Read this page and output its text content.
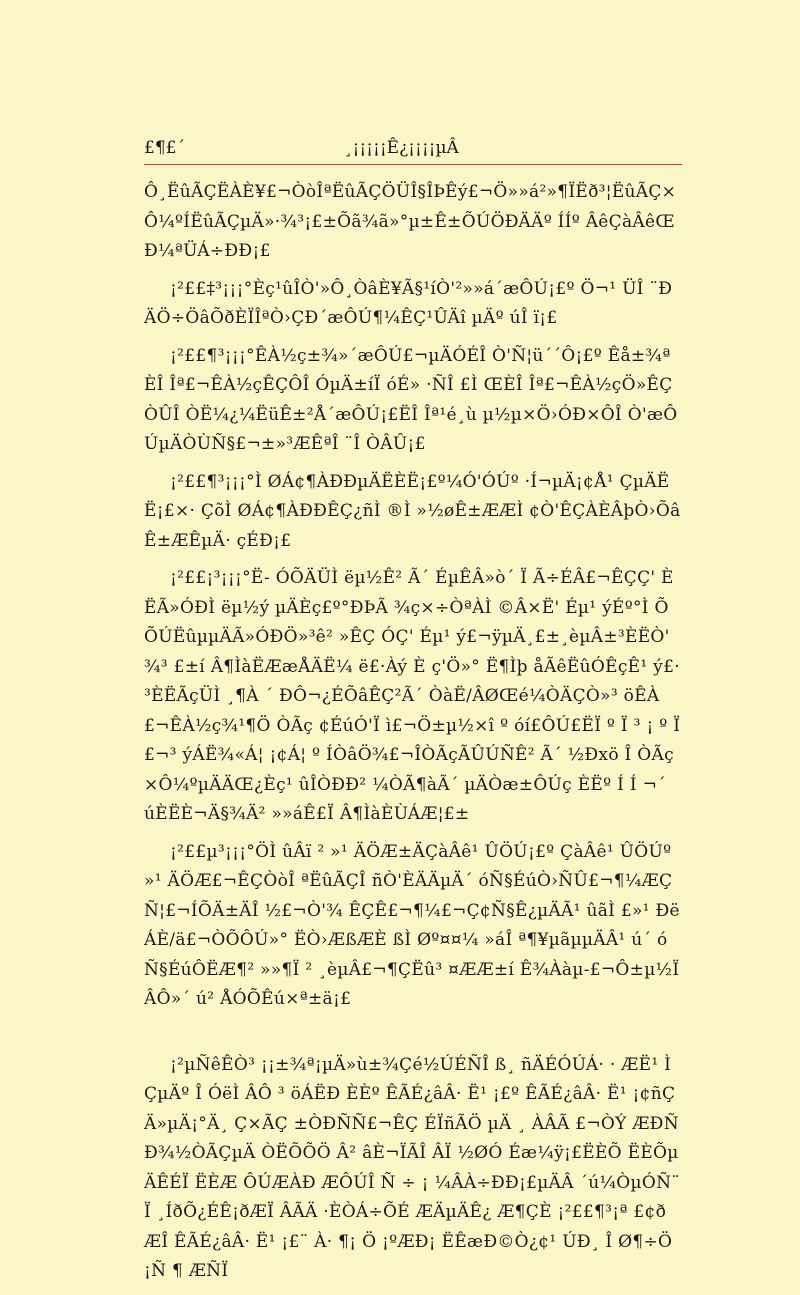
£¶£´	¸¡¡¡¡¡Ê¿¡¡¡¡µÂ

Ô¸ËûÃÇËÀÈ¥£¬ÒòÎªËûÃÇÖÜÎ§ÎÞÊý£¬Ö»»á²»¶ÏËð³¦ËûÃÇ×Ô¼ºÍËûÃÇµÄ»·¾³¡£±Õã¾ã»°µ±Ê±ÕÚÖÐÄÄº ÍÍº ÂêÇàÂêŒÐ¼ªÜÁ÷ÐÐ¡£

¡²££‡³¡¡¡°Èç¹ûÎÒ'»Ô¸ÒâÈ¥Ã§¹íÒ'²»»á´æÔÚ¡£º Ö¬¹ ÜÎ ¨ÐÄÖ÷ÖâÕðÈÏÎªÒ›ÇÐ´æÔÚ¶¼ÊÇ¹ÛÄî µÄº úÎ ï¡£

¡²££¶³¡¡¡°ÊÀ½ç±¾»´æÔÚ£¬µÄÓÉÎ Ò'Ñ¦ü´´Ô¡£º Êå±¾ªÈÎ Îª£¬ÊÀ½çÊÇÔÎ ÓµÄ±íÏ óÉ» ·ÑÎ £Ì ŒÈÎ Îª£¬ÊÀ½çÖ»ÊÇÒÛÎ ÒË¼¿¼ËüÊ±²Å´æÔÚ¡£ËÎ Îª¹é¸ù µ½µ×Ö›ÓÐ×ÔÎ Ò'æÔÚµÄÒÙÑ§£¬±»³ÆÊªÎ ¨Î ÒÂÛ¡£

¡²££¶³¡¡¡°Ì ØÁ¢¶ÀÐÐµÄËÈË¡£º¼Ó'ÓÚº ·Í¬µÄ¡¢Å¹ ÇµÄËË¡£×· ÇõÌ ØÁ¢¶ÀÐÐÊÇ¿ñÌ ®Ì »½øÊ±ÆÆÌ ¢Ò'ÊÇÀÈÂþÒ›ÕâÊ±ÆÊµÄ· çÉÐ¡£

¡²££¡³¡¡¡°Ë- ÓÕÄÜÌ ëµ½Ê² Ã´ ÉµÊÂ»ò´ Ï Ã÷ÉÂ£¬ÊÇÇ' ÈËÃ»ÓÐÌ ëµ½ý µÄÈç£º°ÐÞÃ ¾ç×÷ÒªÀÌ ©Â×Ë' Éµ¹ ýÉº°Ì ÕÕÚËûµµÄÃ»ÓÐÖ»³ê² »ÊÇ ÓÇ' Éµ¹ ý£¬ÿµÄ¸£±¸èµÂ±³ÈËÒ' ¾³ £±í Â¶ÌàËÆæÅÄË¼ ë£·Àý È ç'Ö»° Ë¶Ìþ åÃêËûÓÊçÊ¹ ý£·³ÈËÃçÜÌ ¸¶À ´ ÐÔ¬¿ÉÕâÊÇ²Ã´ ÒàË/ÂØŒé¼ÒÄÇÒ»³ öÊÀ£¬ÊÀ½ç¾¹¶Ö ÒÃç ¢ÉúÓ'Ï ì£¬Ö±µ½×î º óí£ÔÚ£ËÏ º Ï ³ ¡ º Ï £¬³ ýÁË¾«Á¦ ¡¢Á¦ º ÍÒâÖ¾£¬ÎÒÃçÃÛÚÑÊ² Ã´ ½Ðxö Î ÒÃç×Ô¼ºµÄÄŒ¿Èç¹ ûÎÒÐÐ² ¼ÒÃ¶àÃ´ µÄÒæ±ÔÚç ÈËº Í Í ¬´ úÈËÈ¬Ä§¾Ä² »»áÊ£Ï Â¶ÌàÈÙÁÆ¦£±

¡²££µ³¡¡¡°ÖÌ ûÂï ² »¹ ÄÖÆ±ÄÇàÂê¹ ÛÖÚ¡£º ÇàÂê¹ ÛÖÚº »¹ ÄÖÆ£¬ÊÇÒòÎ ªËûÃÇÎ ñÒ'ÈÄÄµÄ´ óÑ§ÉúÒ›ÑÛ£¬¶¼ÆÇ Ñ¦£¬ÍÕÄ±ÄÎ ½£¬Ò'¾ ÊÇÊ£¬¶¼£¬Ç¢Ñ§Ê¿µÄÃ¹ ûãÌ £»¹ ÐëÁÈ/ä£¬ÒÕÔÚ»° ËÒ›ÆßÆÈ ßÌ Øº¤¤¼ »áÎ ª¶¥µãµµÄÂ¹ ú´ óÑ§ÉúÔËÆ¶² »»¶Ï ² ¸èµÂ£¬¶ÇËû³ ¤ÆÆ±í Ê¾Ààµ-£¬Ô±µ½ÏÂÔ»´ ú² ÅÓÕÊú×ª±ä¡£

¡²µÑêÊÒ³ ¡¡±¾ª¡µÄ»ù±¾Çé½ÚÉÑÎ ß¸ ñÄÉÓÚÁ· · ÆË¹ Ì ÇµÄº Î ÓëÌ ÂÔ ³ öÁËÐ ÈÈº ÊÃÉ¿âÂ· Ë¹ ¡£º ÊÃÉ¿âÂ· Ë¹ ¡¢ñÇ Ä»µÄ¡°Ä¸ Ç×ÃÇ ±ÒÐÑÑ£¬ÊÇ ÉÏñÃÖ µÄ ¸ ÀÂÃ £¬ÒÝ ÆÐÑÐ¾½ÒÃÇµÄ ÒËÕÕÖ Â² âÈ¬ÏÃÎ ÂÏ ½ØÓ Éæ¼ÿ¡£ËÈÕ ËÈÕµÄÊÉÏ ËÈÆ ÔÚÆÀÐ ÆÔÚÎ Ñ ÷ ¡ ¼ÂÀ÷ÐÐ¡£µÄÂ ´ú¼ÒµÓÑ¨Ï ¸ÍðÕ¿ÉÊ¡ðÆÏ ÂÃÄ ·ÈÒÁ÷ÕÉ ÆÄµÄÊ¿ Æ¶ÇÈ ¡²££¶³¡ª £¢ðÆÎ ÊÃÉ¿âÂ· Ë¹ ¡£¨ À· ¶¡ Ö ¡ºÆÐ¡ ËÊæÐ©Ò¿¢¹ ÚÐ¸ Î Ø¶÷Ö¡Ñ ¶ ÆÑÏ
